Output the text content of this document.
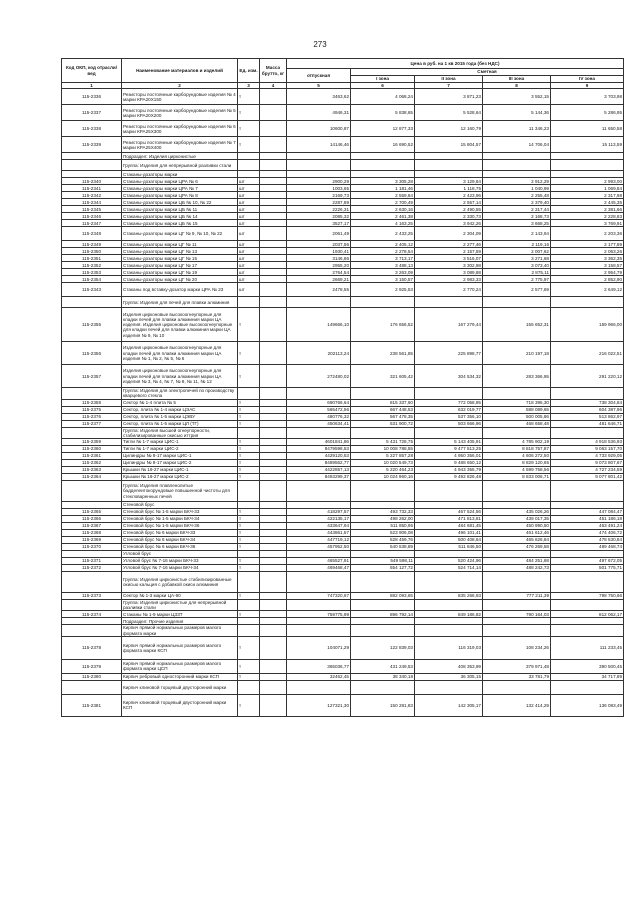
273
Код ОКП, код отрасли/вед	Наименование материалов и изделий	Ед. изм.	Масса брутто, кг	Цена в руб. на 1 кв 2015 года (без НДС)				
				отпускная	Сметная			
					I зона	II зона	III зона	IV зона
1	2	3	4	5	6	7	8	9
115-2336	Резисторы постоянные карборундовые изделия № 4 марки КРА20Х150	т		3463,62	4 068,24	3 871,23	3 552,15	3 703,98
115-2337	Резисторы постоянные карборундовые изделия № 5 марки КРА20Х200	т		4946,31	5 838,65	5 528,64	5 144,36	5 286,95
115-2338	Резисторы постоянные карборундовые изделия № 6 марки КРА25Х300	т		10600,87	12 877,33	12 160,79	11 346,23	11 650,58
115-2339	Резисторы постоянные карборундовые изделия № 7 марки КРА25Х400	т		14146,46	16 690,52	15 804,57	14 706,04	15 113,59
	Подраздел: Изделия цирконистые							
	Группа: Изделия для непрерывной разливки стали							
	Стаканы-дозаторы марки							
115-2340	Стаканы-дозаторы марки ЦРА № 6	шт		2900,29	3 305,28	3 129,84	2 912,29	2 993,00
115-2341	Стаканы-дозаторы марки ЦРА № 7	шт		1003,65	1 181,46	1 118,75	1 040,99	1 069,84
115-2342	Стаканы-дозаторы марки ЦРА № 8	шт		2169,73	2 559,84	2 423,96	2 255,48	2 317,98
115-2344	Стаканы-дозаторы марки ЦБ № 10, № 22	шт		2287,89	2 700,49	2 557,14	2 379,40	2 445,35
115-2345	Стаканы-дозаторы марки ЦБ № 11	шт		2226,31	2 630,16	2 490,55	2 317,44	2 381,66
115-2346	Стаканы-дозаторы марки ЦБ № 14	шт		2085,32	2 461,38	2 330,73	2 168,73	2 228,83
115-2347	Стаканы-дозаторы марки ЦБ № 15	шт		3527,17	4 163,25	3 942,26	3 668,25	3 769,91
115-2348	Стаканы-дозаторы марки ЦГ № 9, № 10, № 22	шт		2061,49	2 433,25	2 304,09	2 143,94	2 203,36
115-2349	Стаканы-дозаторы марки ЦГ № 11	шт		2037,56	2 405,12	2 277,46	2 119,16	2 177,89
115-2350	Стаканы-дозаторы марки ЦГ № 13	шт		1930,41	2 278,54	2 157,59	2 007,62	2 063,26
115-2351	Стаканы-дозаторы марки ЦГ № 15	шт		3146,86	3 713,17	3 516,07	3 271,68	3 362,35
115-2352	Стаканы-дозаторы марки ЦГ № 17	шт		2955,20	3 488,13	3 302,98	3 073,40	3 158,57
115-2353	Стаканы-дозаторы марки ЦГ № 19	шт		2764,54	3 263,09	3 089,88	2 875,11	2 954,79
115-2354	Стаканы-дозаторы марки ЦГ № 20	шт		2669,21	3 150,57	2 983,33	2 775,97	2 852,90
115-2343	Стаканы под вставку-дозатор марки ЦРА № 23	шт		2478,55	2 925,53	2 770,24	2 577,69	2 649,12
	Группа: Изделия для печей для плавки алюминия							
115-2355	Изделия цирконовые высокоогнеупорные для кладки печей для плавки алюминия марки ЦА изделия. Изделия цирконовые высокоогнеупорные для кладки печей для плавки алюминия марки ЦА изделия № 9, № 10	т		149666,10	176 656,52	167 279,44	155 652,31	159 966,00
115-2356	Изделия цирконовые высокоогнеупорные для кладки печей для плавки алюминия марки ЦА изделия № 1, № 2, № 5, № 6	т		202113,24	238 561,85	225 898,77	210 197,18	216 022,51
115-2357	Изделия цирконовые высокоогнеупорные для кладки печей для плавки алюминия марки ЦА изделия № 3, № 4, № 7, № 8, № 11, № 12	т		272480,02	321 605,42	304 534,32	283 366,95	291 220,12
	Группа: Изделия для электропечей по производству кварцевого стекла							
115-2358	Сектор № 1-4 плита № 5	т		690766,64	815 337,60	772 058,95	718 395,30	738 304,84
115-2375	Сектор, плита № 1-4 марки ЦЭАС	т		565472,56	667 448,53	632 019,77	588 089,65	604 387,96
115-2376	Сектор, плита № 1-5 марки ЦЭВУ	т		480776,32	567 478,35	537 356,10	500 005,86	513 862,97
115-2377	Сектор, плита № 1-5 марки ЦЛ (ТГ)	т		450634,41	531 900,72	503 666,96	468 658,48	481 646,71
	Группа: Изделия высшей огнеупорности, стабилизированные окисью иттрия							
115-2359	Тигли № 1-7 марки ЦИС-1	т		4601841,86	5 431 728,75	5 143 405,91	4 785 902,19	4 918 536,93
115-2360	Тигли № 1-7 марки ЦИС-2	т		8479598,53	10 008 788,55	9 477 513,25	8 818 757,87	9 063 157,70
115-2361	Цилиндры № 8-17 марки ЦИС-1	т		4429120,53	5 227 857,28	4 950 356,01	4 606 272,50	4 733 929,05
115-2362	Цилиндры № 8-17 марки ЦИС-2	т		8489562,77	10 020 549,73	9 488 650,12	8 829 120,65	9 073 807,67
115-2363	Крышки № 18-27 марки ЦИС-1	т		4422857,13	5 220 464,23	4 943 355,79	4 599 758,56	4 727 234,59
115-2364	Крышки № 18-27 марки ЦИС-2	т		8493299,37	10 024 960,16	9 492 826,48	8 833 006,71	9 077 801,42
	Группа: Изделия плавленолитые бадделеитокорундовые повышенной чистоты для стекловаренных печей							
	Стеновой брус							
115-2365	Стеновой брус № 1-5 марки БКЧ-33	т		418297,57	493 732,33	467 524,56	435 026,26	447 084,47
115-2366	Стеновой брус № 1-5 марки БКЧ-34	т		422135,17	498 262,00	471 813,81	439 017,35	451 186,18
115-2367	Стеновой брус № 1-5 марки БКЧ-36	т		433647,94	511 850,95	484 681,45	450 990,50	463 491,24
115-2368	Стеновой брус № 6 марки БКЧ-33	т		443861,57	523 906,08	496 101,41	461 612,46	474 406,72
115-2369	Стеновой брус № 6 марки БКЧ-34	т		447719,12	528 459,76	500 408,64	465 626,84	478 530,84
115-2370	Стеновой брус № 6 марки БКЧ-36	т		457952,50	540 538,89	511 846,50	476 269,58	489 468,74
	Угловой брус							
115-2371	Угловой брус № 7-16 марки БКЧ-33	т		465527,91	549 598,11	520 424,96	484 251,68	497 672,05
115-2372	Угловой брус № 7-16 марки БКЧ-34	т		469468,47	554 127,72	524 714,14	488 242,73	501 775,71
	Группа: Изделия цирконистые стабилизированные окисью кальция с добавкой окиси алюминия							
115-2373	Сектор № 1-3 марки ЦА-90	т		747320,67	882 093,65	835 266,93	777 211,39	798 750,66
	Группа: Изделия цирконистые для непрерывной разливки стали							
115-2374	Стаканы № 1-9 марки ЦЗЗТ	т		759775,99	896 792,14	849 186,82	790 164,03	812 062,17
	Подраздел: Прочие изделия							
	Кирпич прямой нормальных размеров малого формата марки							
115-2378	Кирпич прямой нормальных размеров малого формата марки КСП	т		104071,29	122 839,03	116 319,03	108 234,26	111 233,45
115-2379	Кирпич прямой нормальных размеров малого формата марки ЦСП	т		365036,77	431 249,53	408 353,99	379 971,48	390 500,45
115-2380	Кирпич ребровый односторонний марки КСП	т		32462,45	38 340,18	36 305,15	33 781,79	34 717,89
	Кирпич клиновой торцевый двусторонний марки							
115-2381	Кирпич клиновой торцевый двусторонний марки КСП	т		127321,30	150 281,83	142 305,17	132 414,29	136 083,49
